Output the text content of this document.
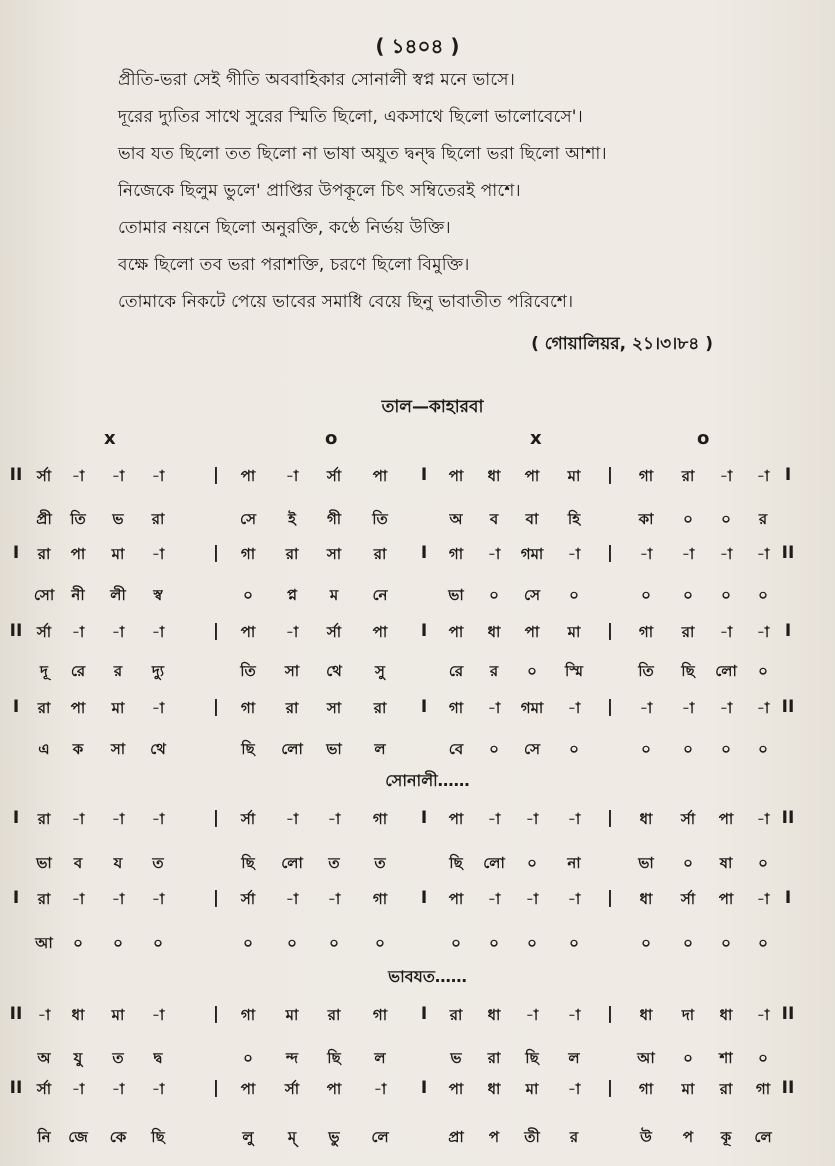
( ১৪০৪ )
প্রীতি-ভরা সেই গীতি অববাহিকার সোনালী স্বপ্ন মনে ভাসে।
দূরের দ্যুতির সাথে সুরের স্মিতি ছিলো, একসাথে ছিলো ভালোবেসে'।
ভাব যত ছিলো তত ছিলো না ভাষা অযুত দ্বন্দ্ব ছিলো ভরা ছিলো আশা।
নিজেকে ছিলুম ভুলে' প্রাপ্তির উপকূলে চিৎ সম্বিতেরই পাশে।
তোমার নয়নে ছিলো অনুরক্তি, কণ্ঠে নির্ভয় উক্তি।
বক্ষে ছিলো তব ভরা পরাশক্তি, চরণে ছিলো বিমুক্তি।
তোমাকে নিকটে পেয়ে ভাবের সমাধি বেয়ে ছিনু ভাবাতীত পরিবেশে।
( গোয়ালিয়র, ২১।৩।৮৪ )
তাল—কাহারবা
x	o	x	o
II র্সা -া -া -া	| পা -া র্সা পা I পা ধা পা মা | গা রা -া -া I
প্রী তি ভ রা	সে ই গী তি	অ ব বা হি	কা ০ ০ র
I রা পা মা -া	| গা রা সা রা I গা -া গমা -া | -া -া -া -া II
সো নী লী স্ব	০ প্ন ম নে	ভা ০ সে ০	০ ০ ০ ০
II র্সা -া -া -া	| পা -া র্সা পা I পা ধা পা মা | গা রা -া -া I
দূ রে র দ্যু	তি সা থে সু	রে র ০ স্মি	তি ছি লো ০
I রা পা মা -া	| গা রা সা রা I গা -া গমা -া | -া -া -া -া II
এ ক সা থে	ছি লো ভা ল	বে ০ সে ০	০ ০ ০ ০
I রা -া -া -া	| র্সা -া -া গা I পা -া -া -া | ধা র্সা পা -া II
ভা ব য ত	ছি লো ত ত	ছি লো ০ না	ভা ০ ষা ০
I রা -া -া -া	| র্সা -া -া গা I পা -া -া -া | ধা র্সা পা -া I
আ ০ ০ ০	০ ০ ০ ০	০ ০ ০ ০	০ ০ ০ ০
II -া ধা মা -া	| গা মা রা গা I রা ধা -া -া | ধা দা ধা -া II
অ যু ত দ্ব	০ ন্দ ছি ল	ভ রা ছি ল	আ ০ শা ০
II র্সা -া -া -া	| পা র্সা পা -া I পা ধা মা -া | গা মা রা গা II
নি জে কে ছি	লু ম্ ভু লে	প্রা প তী র	উ প কূ লে
সোনালী……
ভাবযত……
